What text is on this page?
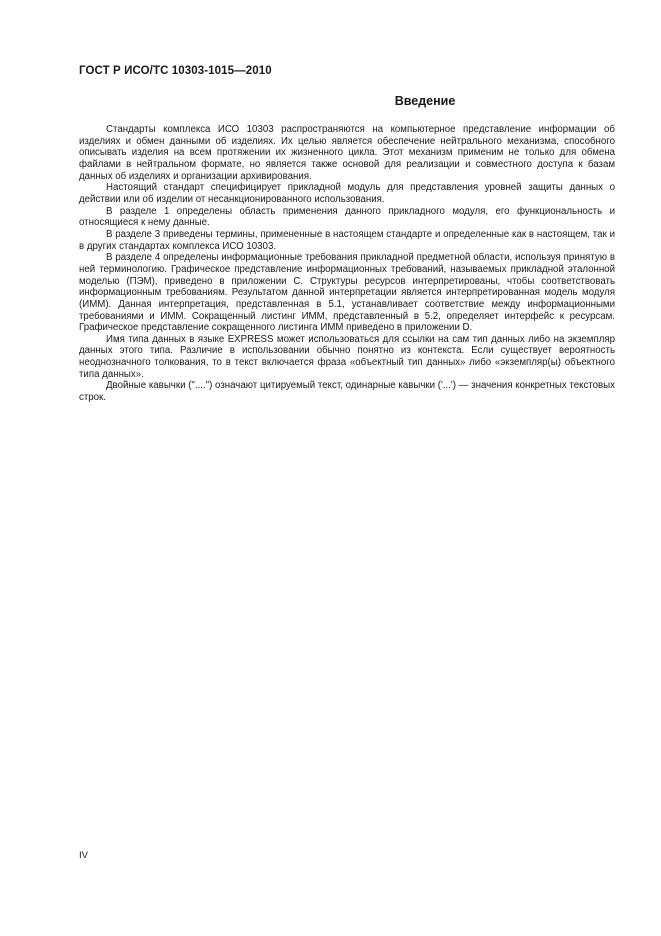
ГОСТ Р ИСО/ТС 10303-1015—2010
Введение

Стандарты комплекса ИСО 10303 распространяются на компьютерное представление информации об изделиях и обмен данными об изделиях. Их целью является обеспечение нейтрального механизма, способного описывать изделия на всем протяжении их жизненного цикла. Этот механизм применим не только для обмена файлами в нейтральном формате, но является также основой для реализации и совместного доступа к базам данных об изделиях и организации архивирования.

Настоящий стандарт специфицирует прикладной модуль для представления уровней защиты данных о действии или об изделии от несанкционированного использования.

В разделе 1 определены область применения данного прикладного модуля, его функциональность и относящиеся к нему данные.

В разделе 3 приведены термины, примененные в настоящем стандарте и определенные как в настоящем, так и в других стандартах комплекса ИСО 10303.

В разделе 4 определены информационные требования прикладной предметной области, используя принятую в ней терминологию. Графическое представление информационных требований, называемых прикладной эталонной моделью (ПЭМ), приведено в приложении С. Структуры ресурсов интерпретированы, чтобы соответствовать информационным требованиям. Результатом данной интерпретации является интерпретированная модель модуля (ИММ). Данная интерпретация, представленная в 5.1, устанавливает соответствие между информационными требованиями и ИММ. Сокращенный листинг ИММ, представленный в 5.2, определяет интерфейс к ресурсам. Графическое представление сокращенного листинга ИММ приведено в приложении D.

Имя типа данных в языке EXPRESS может использоваться для ссылки на сам тип данных либо на экземпляр данных этого типа. Различие в использовании обычно понятно из контекста. Если существует вероятность неоднозначного толкования, то в текст включается фраза «объектный тип данных» либо «экземпляр(ы) объектного типа данных».

Двойные кавычки ("....") означают цитируемый текст, одинарные кавычки ('...') — значения конкретных текстовых строк.

IV
